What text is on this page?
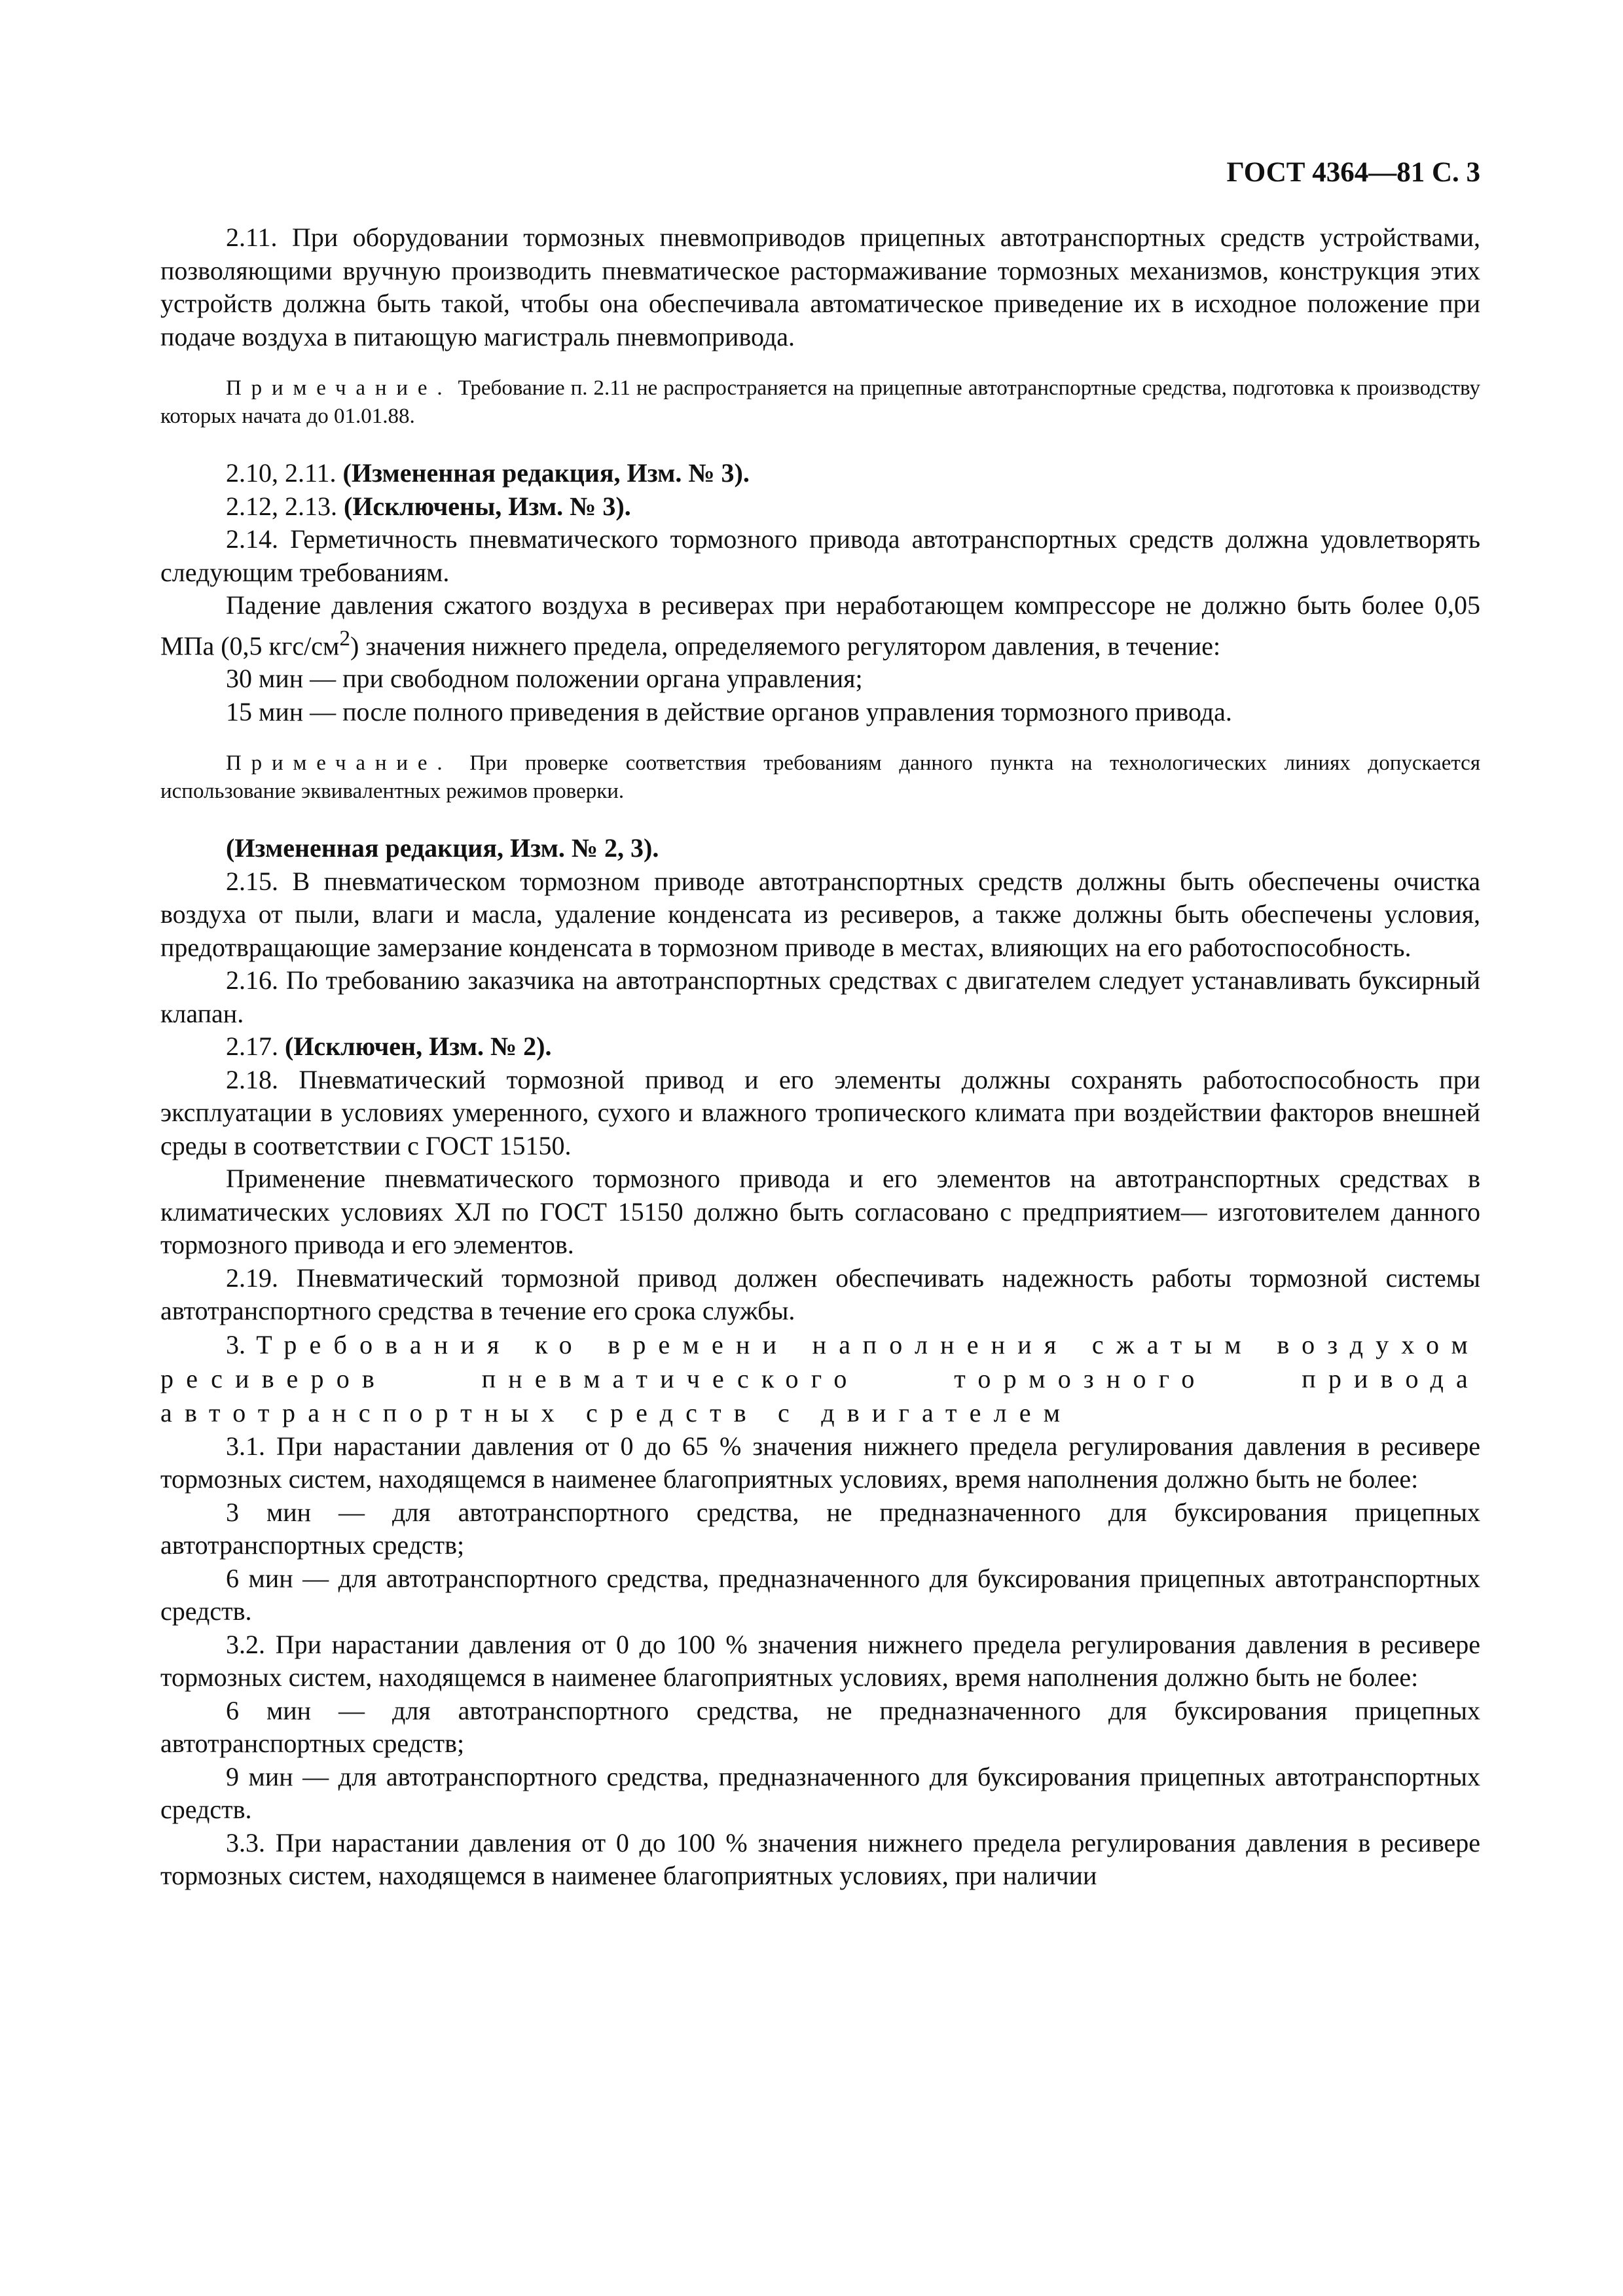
ГОСТ 4364—81 С. 3

2.11. При оборудовании тормозных пневмоприводов прицепных автотранспортных средств устройствами, позволяющими вручную производить пневматическое растормаживание тормозных механизмов, конструкция этих устройств должна быть такой, чтобы она обеспечивала автоматическое приведение их в исходное положение при подаче воздуха в питающую магистраль пневмопривода.

Примечание. Требование п. 2.11 не распространяется на прицепные автотранспортные средства, подготовка к производству которых начата до 01.01.88.

2.10, 2.11. (Измененная редакция, Изм. № 3).

2.12, 2.13. (Исключены, Изм. № 3).

2.14. Герметичность пневматического тормозного привода автотранспортных средств должна удовлетворять следующим требованиям.

Падение давления сжатого воздуха в ресиверах при неработающем компрессоре не должно быть более 0,05 МПа (0,5 кгс/$см^2$) значения нижнего предела, определяемого регулятором давления, в течение:

30 мин — при свободном положении органа управления;

15 мин — после полного приведения в действие органов управления тормозного привода.

Примечание. При проверке соответствия требованиям данного пункта на технологических линиях допускается использование эквивалентных режимов проверки.

(Измененная редакция, Изм. № 2, 3).

2.15. В пневматическом тормозном приводе автотранспортных средств должны быть обеспечены очистка воздуха от пыли, влаги и масла, удаление конденсата из ресиверов, а также должны быть обеспечены условия, предотвращающие замерзание конденсата в тормозном приводе в местах, влияющих на его работоспособность.

2.16. По требованию заказчика на автотранспортных средствах с двигателем следует устанавливать буксирный клапан.

2.17. (Исключен, Изм. № 2).

2.18. Пневматический тормозной привод и его элементы должны сохранять работоспособность при эксплуатации в условиях умеренного, сухого и влажного тропического климата при воздействии факторов внешней среды в соответствии с ГОСТ 15150.

Применение пневматического тормозного привода и его элементов на автотранспортных средствах в климатических условиях ХЛ по ГОСТ 15150 должно быть согласовано с предприятием— изготовителем данного тормозного привода и его элементов.

2.19. Пневматический тормозной привод должен обеспечивать надежность работы тормозной системы автотранспортного средства в течение его срока службы.

3. Требования ко времени наполнения сжатым воздухом ресиверов пневматического тормозного привода автотранспортных средств с двигателем

3.1. При нарастании давления от 0 до 65 % значения нижнего предела регулирования давления в ресивере тормозных систем, находящемся в наименее благоприятных условиях, время наполнения должно быть не более:

3 мин — для автотранспортного средства, не предназначенного для буксирования прицепных автотранспортных средств;

6 мин — для автотранспортного средства, предназначенного для буксирования прицепных автотранспортных средств.

3.2. При нарастании давления от 0 до 100 % значения нижнего предела регулирования давления в ресивере тормозных систем, находящемся в наименее благоприятных условиях, время наполнения должно быть не более:

6 мин — для автотранспортного средства, не предназначенного для буксирования прицепных автотранспортных средств;

9 мин — для автотранспортного средства, предназначенного для буксирования прицепных автотранспортных средств.

3.3. При нарастании давления от 0 до 100 % значения нижнего предела регулирования давления в ресивере тормозных систем, находящемся в наименее благоприятных условиях, при наличии
